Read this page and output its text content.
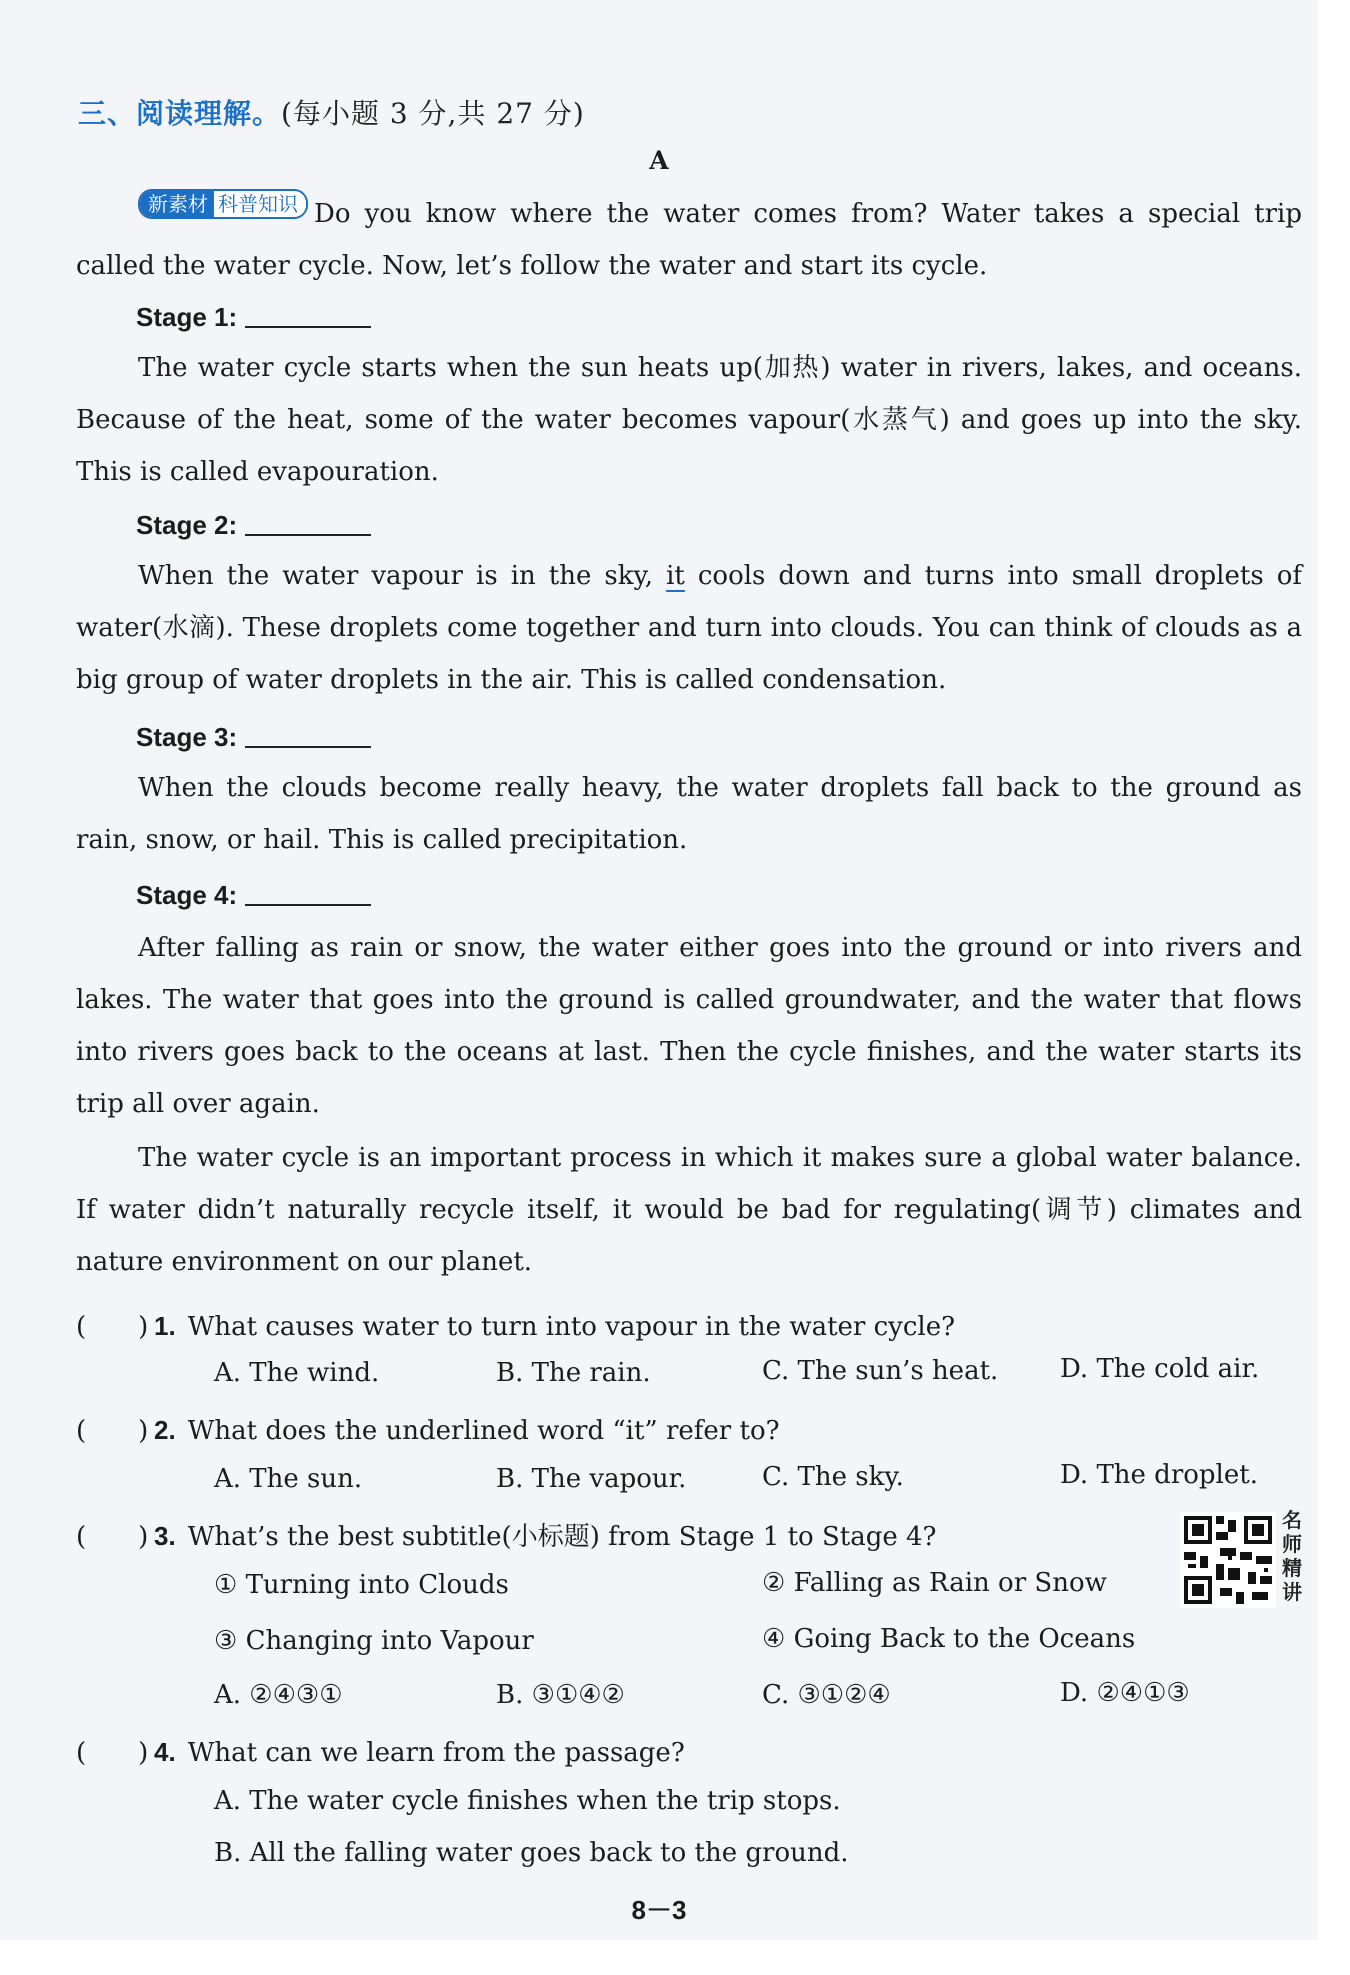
三、阅读理解。(每小题 3 分,共 27 分)
A
新素材 科普知识 Do you know where the water comes from? Water takes a special trip called the water cycle. Now, let’s follow the water and start its cycle.
Stage 1:
The water cycle starts when the sun heats up(加热) water in rivers, lakes, and oceans. Because of the heat, some of the water becomes vapour(水蒸气) and goes up into the sky. This is called evapouration.
Stage 2:
When the water vapour is in the sky, it cools down and turns into small droplets of water(水滴). These droplets come together and turn into clouds. You can think of clouds as a big group of water droplets in the air. This is called condensation.
Stage 3:
When the clouds become really heavy, the water droplets fall back to the ground as rain, snow, or hail. This is called precipitation.
Stage 4:
After falling as rain or snow, the water either goes into the ground or into rivers and lakes. The water that goes into the ground is called groundwater, and the water that flows into rivers goes back to the oceans at last. Then the cycle finishes, and the water starts its trip all over again.
The water cycle is an important process in which it makes sure a global water balance. If water didn’t naturally recycle itself, it would be bad for regulating(调节) climates and nature environment on our planet.
(　　) 1. What causes water to turn into vapour in the water cycle?
A. The wind.	B. The rain.	C. The sun’s heat. D. The cold air.
(　　) 2. What does the underlined word “it” refer to?
A. The sun.	B. The vapour.	C. The sky.	D. The droplet.
(　　) 3. What’s the best subtitle(小标题) from Stage 1 to Stage 4?
① Turning into Clouds	② Falling as Rain or Snow
③ Changing into Vapour	④ Going Back to the Oceans
A. ②④③①	B. ③①④②	C. ③①②④	D. ②④①③
名师精讲
(　　) 4. What can we learn from the passage?
A. The water cycle finishes when the trip stops.
B. All the falling water goes back to the ground.
8－3
